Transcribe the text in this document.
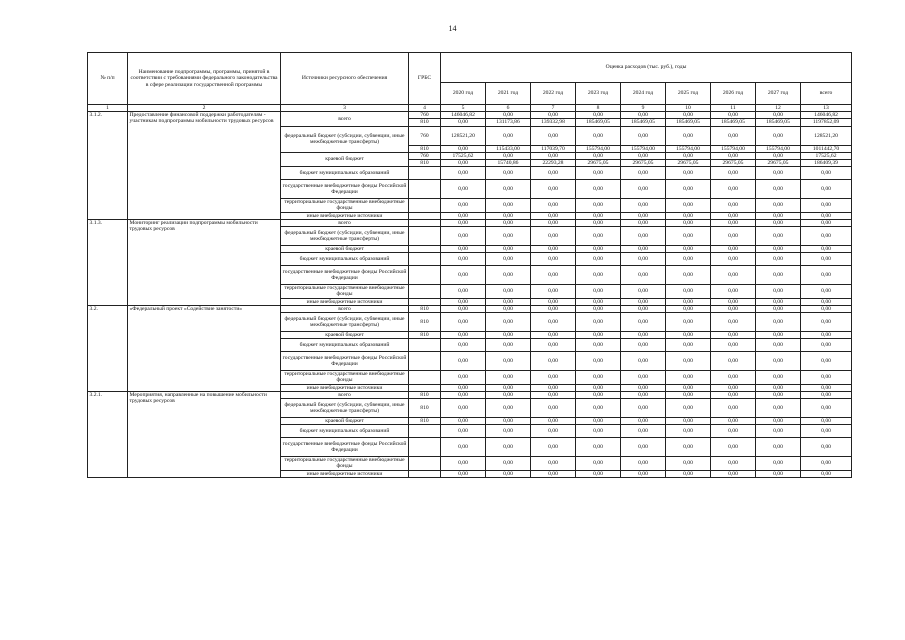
14
№ п/п	Наименование подпрограммы, программы, принятой в соответствии с требованиями федерального законодательства в сфере реализации государственной программы	Источники ресурсного обеспечения	ГРБС	Оценка расходов (тыс. руб.), годы								
				2020 год	2021 год	2022 год	2023 год	2024 год	2025 год	2026 год	2027 год	всего
1	2	3	4	5	6	7	8	9	10	11	12	13
3.1.2.	Предоставление финансовой поддержки работодателям - участникам подпрограммы мобильности трудовых ресурсов	всего	760	146046,82	0,00	0,00	0,00	0,00	0,00	0,00	0,00	146046,82
			810	0,00	131173,86	139332,98	185469,05	185469,05	185469,05	185469,05	185469,05	1197852,09
		федеральный бюджет (субсидии, субвенции, иные межбюджетные трансферты)	760	128521,20	0,00	0,00	0,00	0,00	0,00	0,00	0,00	128521,20
			810	0,00	115433,00	117039,70	155794,00	155794,00	155794,00	155794,00	155794,00	1011442,70
		краевой бюджет	760	17525,62	0,00	0,00	0,00	0,00	0,00	0,00	0,00	17525,62
			810	0,00	15740,86	22293,28	29675,05	29675,05	29675,05	29675,05	29675,05	186409,39
		бюджет муниципальных образований		0,00	0,00	0,00	0,00	0,00	0,00	0,00	0,00	0,00
		государственные внебюджетные фонды Российской Федерации		0,00	0,00	0,00	0,00	0,00	0,00	0,00	0,00	0,00
		территориальные государственные внебюджетные фонды		0,00	0,00	0,00	0,00	0,00	0,00	0,00	0,00	0,00
		иные внебюджетные источники		0,00	0,00	0,00	0,00	0,00	0,00	0,00	0,00	0,00
3.1.3.	Мониторинг реализации подпрограммы мобильности трудовых ресурсов	всего		0,00	0,00	0,00	0,00	0,00	0,00	0,00	0,00	0,00
		федеральный бюджет (субсидии, субвенции, иные межбюджетные трансферты)		0,00	0,00	0,00	0,00	0,00	0,00	0,00	0,00	0,00
		краевой бюджет		0,00	0,00	0,00	0,00	0,00	0,00	0,00	0,00	0,00
		бюджет муниципальных образований		0,00	0,00	0,00	0,00	0,00	0,00	0,00	0,00	0,00
		государственные внебюджетные фонды Российской Федерации		0,00	0,00	0,00	0,00	0,00	0,00	0,00	0,00	0,00
		территориальные государственные внебюджетные фонды		0,00	0,00	0,00	0,00	0,00	0,00	0,00	0,00	0,00
		иные внебюджетные источники		0,00	0,00	0,00	0,00	0,00	0,00	0,00	0,00	0,00
3.2.	«Федеральный проект «Содействие занятости»	всего	810	0,00	0,00	0,00	0,00	0,00	0,00	0,00	0,00	0,00
		федеральный бюджет (субсидии, субвенции, иные межбюджетные трансферты)	810	0,00	0,00	0,00	0,00	0,00	0,00	0,00	0,00	0,00
		краевой бюджет	810	0,00	0,00	0,00	0,00	0,00	0,00	0,00	0,00	0,00
		бюджет муниципальных образований		0,00	0,00	0,00	0,00	0,00	0,00	0,00	0,00	0,00
		государственные внебюджетные фонды Российской Федерации		0,00	0,00	0,00	0,00	0,00	0,00	0,00	0,00	0,00
		территориальные государственные внебюджетные фонды		0,00	0,00	0,00	0,00	0,00	0,00	0,00	0,00	0,00
		иные внебюджетные источники		0,00	0,00	0,00	0,00	0,00	0,00	0,00	0,00	0,00
3.2.1.	Мероприятия, направленные на повышение мобильности трудовых ресурсов	всего	810	0,00	0,00	0,00	0,00	0,00	0,00	0,00	0,00	0,00
		федеральный бюджет (субсидии, субвенции, иные межбюджетные трансферты)	810	0,00	0,00	0,00	0,00	0,00	0,00	0,00	0,00	0,00
		краевой бюджет	810	0,00	0,00	0,00	0,00	0,00	0,00	0,00	0,00	0,00
		бюджет муниципальных образований		0,00	0,00	0,00	0,00	0,00	0,00	0,00	0,00	0,00
		государственные внебюджетные фонды Российской Федерации		0,00	0,00	0,00	0,00	0,00	0,00	0,00	0,00	0,00
		территориальные государственные внебюджетные фонды		0,00	0,00	0,00	0,00	0,00	0,00	0,00	0,00	0,00
		иные внебюджетные источники		0,00	0,00	0,00	0,00	0,00	0,00	0,00	0,00	0,00
